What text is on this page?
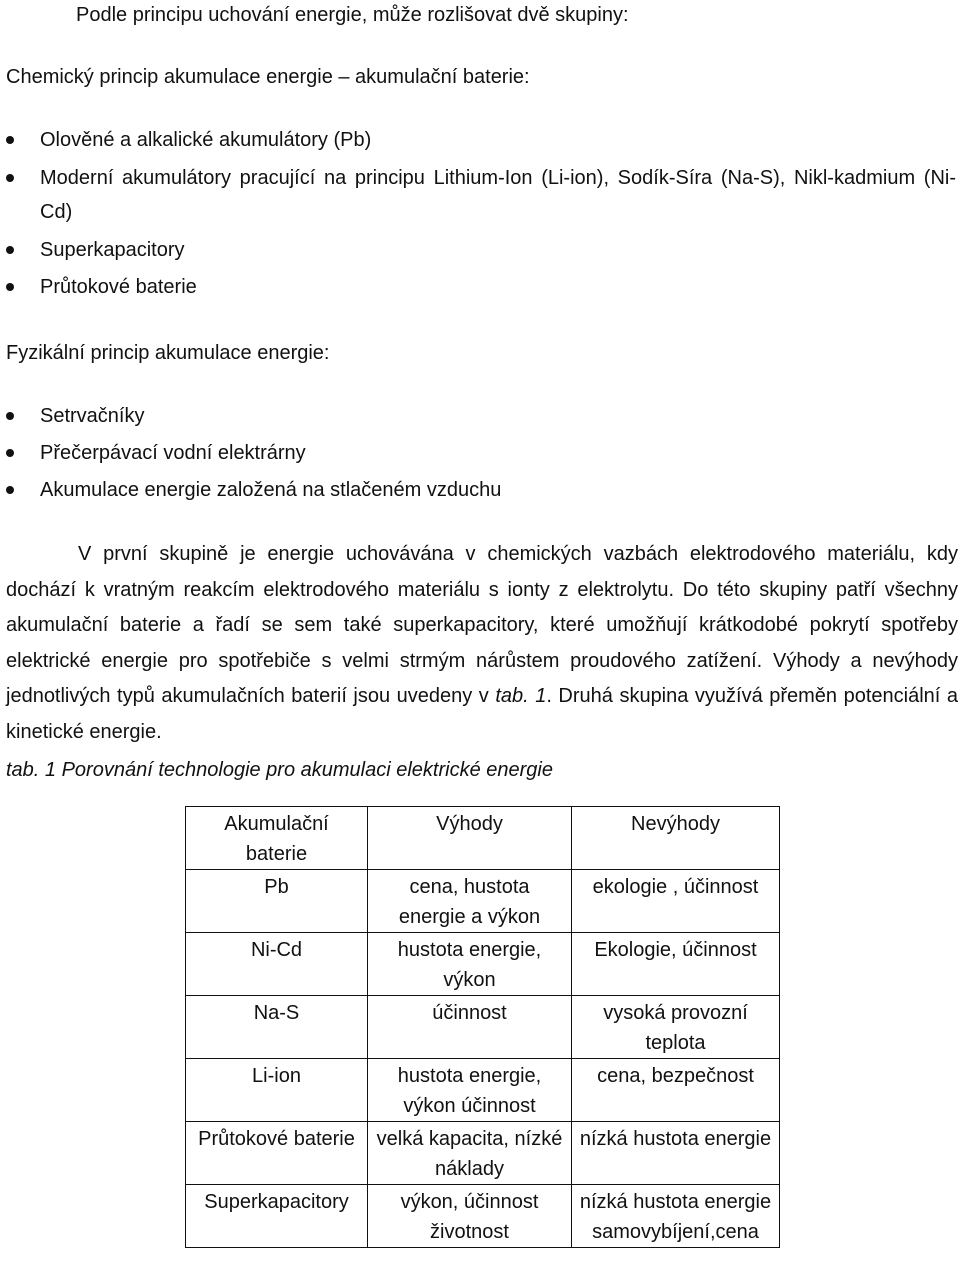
Podle principu uchování energie, může rozlišovat dvě skupiny:
Chemický princip akumulace energie – akumulační baterie:
Olověné a alkalické akumulátory (Pb)
Moderní akumulátory pracující na principu Lithium-Ion (Li-ion), Sodík-Síra (Na-S), Nikl-kadmium (Ni-Cd)
Superkapacitory
Průtokové baterie
Fyzikální princip akumulace energie:
Setrvačníky
Přečerpávací vodní elektrárny
Akumulace energie založená na stlačeném vzduchu
V první skupině je energie uchovávána v chemických vazbách elektrodového materiálu, kdy dochází k vratným reakcím elektrodového materiálu s ionty z elektrolytu. Do této skupiny patří všechny akumulační baterie a řadí se sem také superkapacitory, které umožňují krátkodobé pokrytí spotřeby elektrické energie pro spotřebiče s velmi strmým nárůstem proudového zatížení. Výhody a nevýhody jednotlivých typů akumulačních baterií jsou uvedeny v tab. 1. Druhá skupina využívá přeměn potenciální a kinetické energie.
tab. 1 Porovnání technologie pro akumulaci elektrické energie
Akumulační baterie	Výhody	Nevýhody
Pb	cena, hustota energie a výkon	ekologie , účinnost
Ni-Cd	hustota energie, výkon	Ekologie, účinnost
Na-S	účinnost	vysoká provozní teplota
Li-ion	hustota energie, výkon účinnost	cena, bezpečnost
Průtokové baterie	velká kapacita, nízké náklady	nízká hustota energie
Superkapacitory	výkon, účinnost životnost	nízká hustota energie samovybíjení,cena
